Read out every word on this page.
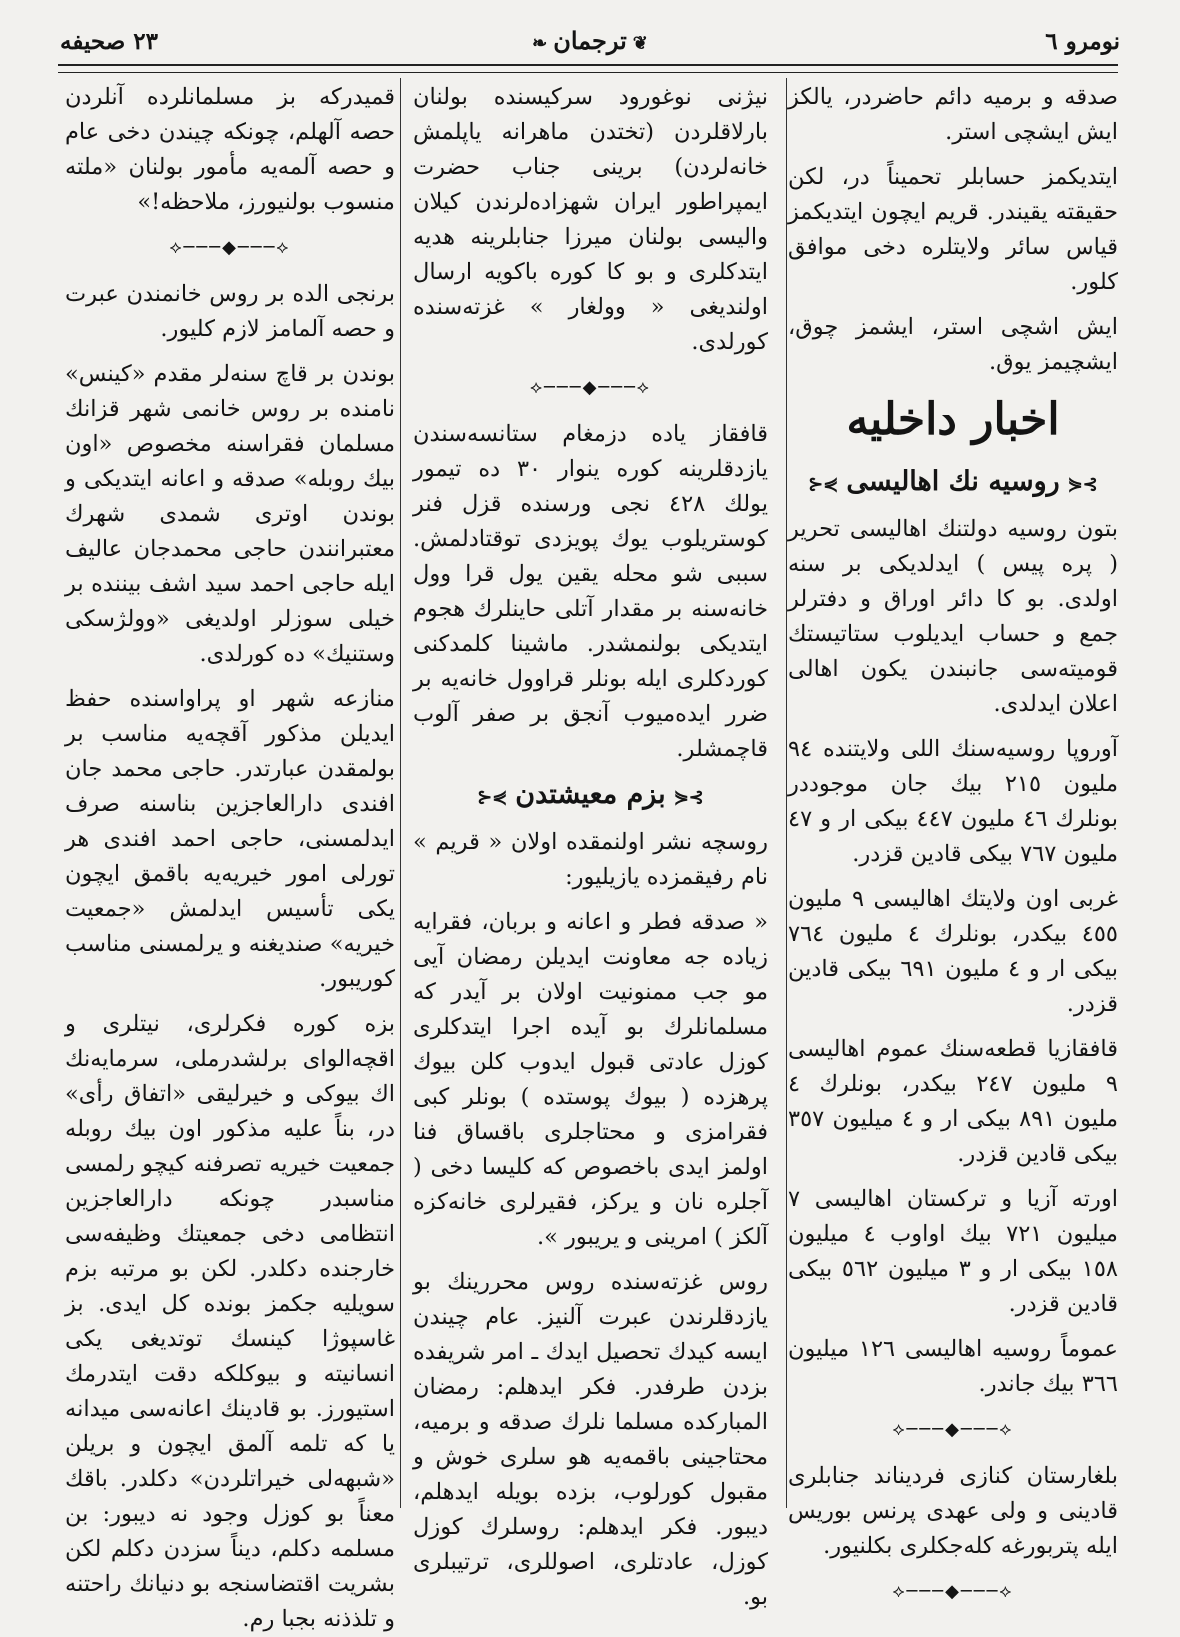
نومرو ٦
❦ترجمان❧
٢٣ صحيفه

صدقه و برمیه دائم حاضردر، یالکز ایش ایشچی استر.

ایتدیکمز حسابلر تحمیناً در، لکن حقیقته یقیندر. قریم ایچون ایتدیکمز قیاس سائر ولایتلره دخی موافق کلور.

ایش اشچی استر، ایشمز چوق، ایشچیمز یوق.

اخبار داخلیه
⊱⋞روسیه نك اهالیسی⋟⊰

بتون روسیه دولتنك اهالیسی تحریر ( پره پیس ) ایدلدیکی بر سنه اولدی. بو کا دائر اوراق و دفترلر جمع و حساب ایدیلوب ستاتیستك قومیته‌سی جانبندن یکون اهالی اعلان ایدلدی.

آوروپا روسیه‌سنك اللی ولایتنده ٩٤ ملیون ٢١٥ بیك جان موجوددر بونلرك ٤٦ ملیون ٤٤٧ بیکی ار و ٤٧ ملیون ٧٦٧ بیکی قادین قزدر.

غربی اون ولایتك اهالیسی ٩ ملیون ٤٥٥ بیکدر، بونلرك ٤ ملیون ٧٦٤ بیکی ار و ٤ ملیون ٦٩١ بیکی قادین قزدر.

قافقازیا قطعه‌سنك عموم اهالیسی ٩ ملیون ٢٤٧ بیکدر، بونلرك ٤ ملیون ٨٩١ بیکی ار و ٤ میلیون ٣٥٧ بیکی قادین قزدر.

اورته آزیا و ترکستان اهالیسی ٧ میلیون ٧٢١ بیك اواوب ٤ میلیون ١٥٨ بیکی ار و ٣ میلیون ٥٦٢ بیکی قادین قزدر.

عموماً روسیه اهالیسی ١٢٦ میلیون ٣٦٦ بیك جاندر.

⟡───◆───⟡

بلغارستان کنازی فردیناند جنابلری قادینی و ولی عهدی پرنس بوریس ایله پتربورغه کله‌جکلری بکلنیور.

⟡───◆───⟡

نیژنی نوغورود سرکیسنده بولنان بارلاقلردن (تختدن ماهرانه یاپلمش خانه‌لردن) برینی جناب حضرت ایمپراطور ایران شهزاده‌لرندن کیلان والیسی بولنان میرزا جنابلرینه هدیه ایتدکلری و بو کا کوره باکویه ارسال اولندیغی « وولغار » غزته‌سنده کورلدی.

⟡───◆───⟡

قافقاز یاده دزمغام ستانسه‌سندن یازدقلرینه کوره ینوار ٣٠ ده تیمور یولك ٤٢٨ نجی ورسنده قزل فنر کوستریلوب یوك پویزدی توقتادلمش. سببی شو محله یقین یول قرا وول خانه‌سنه بر مقدار آتلی حاینلرك هجوم ایتدیکی بولنمشدر. ماشینا کلمدکنی کوردکلری ایله بونلر قراوول خانه‌یه بر ضرر ایده‌میوب آنجق بر صفر آلوب قاچمشلر.

⊱⋞بزم معیشتدن⋟⊰

روسچه نشر اولنمقده اولان « قریم » نام رفیقمزده یازیلیور:

« صدقه فطر و اعانه و بربان، فقرایه زیاده جه معاونت ایدیلن رمضان آیی مو جب ممنونیت اولان بر آیدر که مسلمانلرك بو آیده اجرا ایتدکلری کوزل عادتی قبول ایدوب کلن بیوك پرهزده ( بیوك پوستده ) بونلر کبی فقرامزی و محتاجلری باقساق فنا اولمز ایدی باخصوص که کلیسا دخی ( آجلره نان و یرکز، فقیرلری خانه‌کزه آلکز ) امرینی و یریبور ».

روس غزته‌سنده روس محررینك بو یازدقلرندن عبرت آلنیز. عام چیندن ایسه کیدك تحصیل ایدك ـ امر شریفده بزدن طرفدر. فکر ایدهلم: رمضان المبارکده مسلما نلرك صدقه و برمیه، محتاجینی باقمه‌یه هو سلری خوش و مقبول کورلوب، بزده بویله ایدهلم، دیبور. فکر ایدهلم: روسلرك کوزل کوزل، عادتلری، اصوللری، ترتیبلری بو.

قمیدرکه بز مسلمانلرده آنلردن حصه آلهلم، چونکه چیندن دخی عام و حصه آلمه‌یه مأمور بولنان «ملته منسوب بولنیورز، ملاحظه!»

⟡───◆───⟡

برنجی الده بر روس خانمندن عبرت و حصه آلمامز لازم کلیور.

بوندن بر قاچ سنه‌لر مقدم «کینس» نامنده بر روس خانمی شهر قزانك مسلمان فقراسنه مخصوص «اون بیك روبله» صدقه و اعانه ایتدیکی و بوندن اوتری شمدی شهرك معتبرانندن حاجی محمدجان عالیف ایله حاجی احمد سید اشف بیننده بر خیلی سوزلر اولدیغی «وولژسکی وستنیك» ده کورلدی.

منازعه شهر او پراواسنده حفظ ایدیلن مذکور آقچه‌یه مناسب بر بولمقدن عبارتدر. حاجی محمد جان افندی دارالعاجزین بناسنه صرف ایدلمسنی، حاجی احمد افندی هر تورلی امور خیریه‌یه باقمق ایچون یکی تأسیس ایدلمش «جمعیت خیریه» صندیغنه و یرلمسنی مناسب کوریبور.

بزه کوره فکرلری، نیتلری و اقچه‌الوای برلشدرملی، سرمایه‌نك اك بیوکی و خیرلیقی «اتفاق رأی» در، بناً علیه مذکور اون بیك روبله جمعیت خیریه تصرفنه کیچو رلمسی مناسبدر چونکه دارالعاجزین انتظامی دخی جمعیتك وظیفه‌سی خارجنده دکلدر. لکن بو مرتبه بزم سویلیه جکمز بونده کل ایدی. بز غاسپوژا کینسك توتدیغی یکی انسانیته و بیوکلکه دقت ایتدرمك استیورز. بو قادینك اعانه‌سی میدانه یا که تلمه آلمق ایچون و بریلن «شبهه‌لی خیراتلردن» دکلدر. باقك معناً بو کوزل وجود نه دیبور: بن مسلمه دکلم، دیناً سزدن دکلم لکن بشریت اقتضاسنجه بو دنیانك راحتنه و تلذذنه بجبا رم.
